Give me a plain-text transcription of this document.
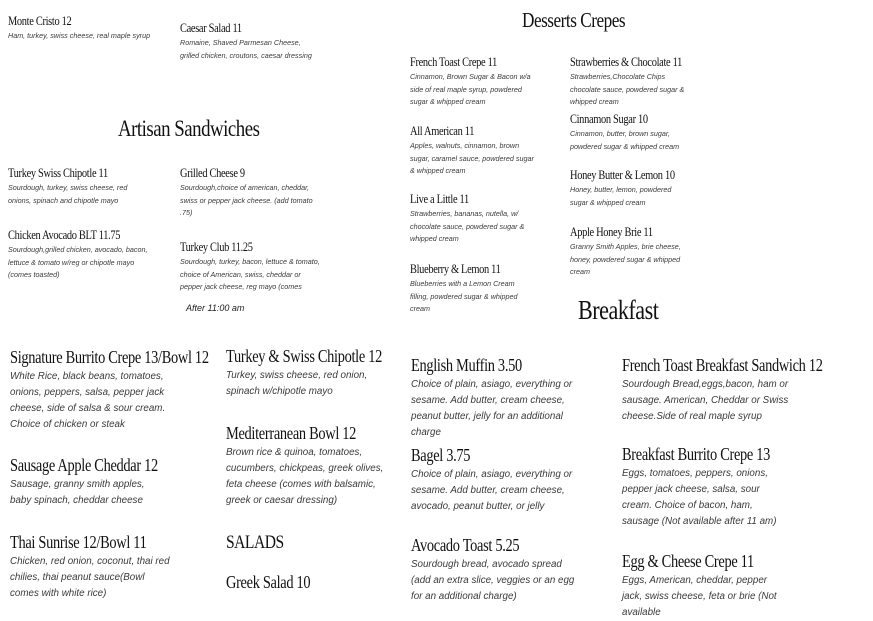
Artisan Sandwiches
Desserts Crepes
Breakfast
SALADS
After 11:00 am
Monte Cristo 12
Ham, turkey, swiss cheese, real maple syrup
Caesar Salad 11
Romaine, Shaved Parmesan Cheese, grilled chicken, croutons, caesar dressing
Turkey Swiss Chipotle 11
Sourdough, turkey, swiss cheese, red onions, spinach and chipotle mayo
Chicken Avocado BLT 11.75
Sourdough,grilled chicken, avocado, bacon, lettuce & tomato w/reg or chipotle mayo (comes toasted)
Grilled Cheese 9
Sourdough,choice of american, cheddar, swiss or pepper jack cheese. (add tomato .75)
Turkey Club 11.25
Sourdough, turkey, bacon, lettuce & tomato, choice of American, swiss, cheddar or pepper jack cheese, reg mayo (comes
French Toast Crepe 11
Cinnamon, Brown Sugar & Bacon w/a side of real maple syrup, powdered sugar & whipped cream
All American 11
Apples, walnuts, cinnamon, brown sugar, caramel sauce, powdered sugar & whipped cream
Live a Little 11
Strawberries, bananas, nutella, w/ chocolate sauce, powdered sugar & whipped cream
Blueberry & Lemon 11
Blueberries with a Lemon Cream filling, powdered sugar & whipped cream
Strawberries & Chocolate 11
Strawberries,Chocolate Chips chocolate sauce, powdered sugar & whipped cream
Cinnamon Sugar 10
Cinnamon, butter, brown sugar, powdered sugar & whipped cream
Honey Butter & Lemon 10
Honey, butter, lemon, powdered sugar & whipped cream
Apple Honey Brie 11
Granny Smith Apples, brie cheese, honey, powdered sugar & whipped cream
Signature Burrito Crepe 13/Bowl 12
White Rice, black beans, tomatoes, onions, peppers, salsa, pepper jack cheese, side of salsa & sour cream. Choice of chicken or steak
Sausage Apple Cheddar 12
Sausage, granny smith apples, baby spinach, cheddar cheese
Thai Sunrise 12/Bowl 11
Chicken, red onion, coconut, thai red chilies, thai peanut sauce(Bowl comes with white rice)
Turkey & Swiss Chipotle 12
Turkey, swiss cheese, red onion, spinach w/chipotle mayo
Mediterranean Bowl 12
Brown rice & quinoa, tomatoes, cucumbers, chickpeas, greek olives, feta cheese (comes with balsamic, greek or caesar dressing)
Greek Salad 10
English Muffin 3.50
Choice of plain, asiago, everything or sesame. Add butter, cream cheese, peanut butter, jelly for an additional charge
Bagel 3.75
Choice of plain, asiago, everything or sesame. Add butter, cream cheese, avocado, peanut butter, or jelly
Avocado Toast 5.25
Sourdough bread, avocado spread (add an extra slice, veggies or an egg for an additional charge)
French Toast Breakfast Sandwich 12
Sourdough Bread,eggs,bacon, ham or sausage. American, Cheddar or Swiss cheese.Side of real maple syrup
Breakfast Burrito Crepe 13
Eggs, tomatoes, peppers, onions, pepper jack cheese, salsa, sour cream. Choice of bacon, ham, sausage (Not available after 11 am)
Egg & Cheese Crepe 11
Eggs, American, cheddar, pepper jack, swiss cheese, feta or brie (Not available
